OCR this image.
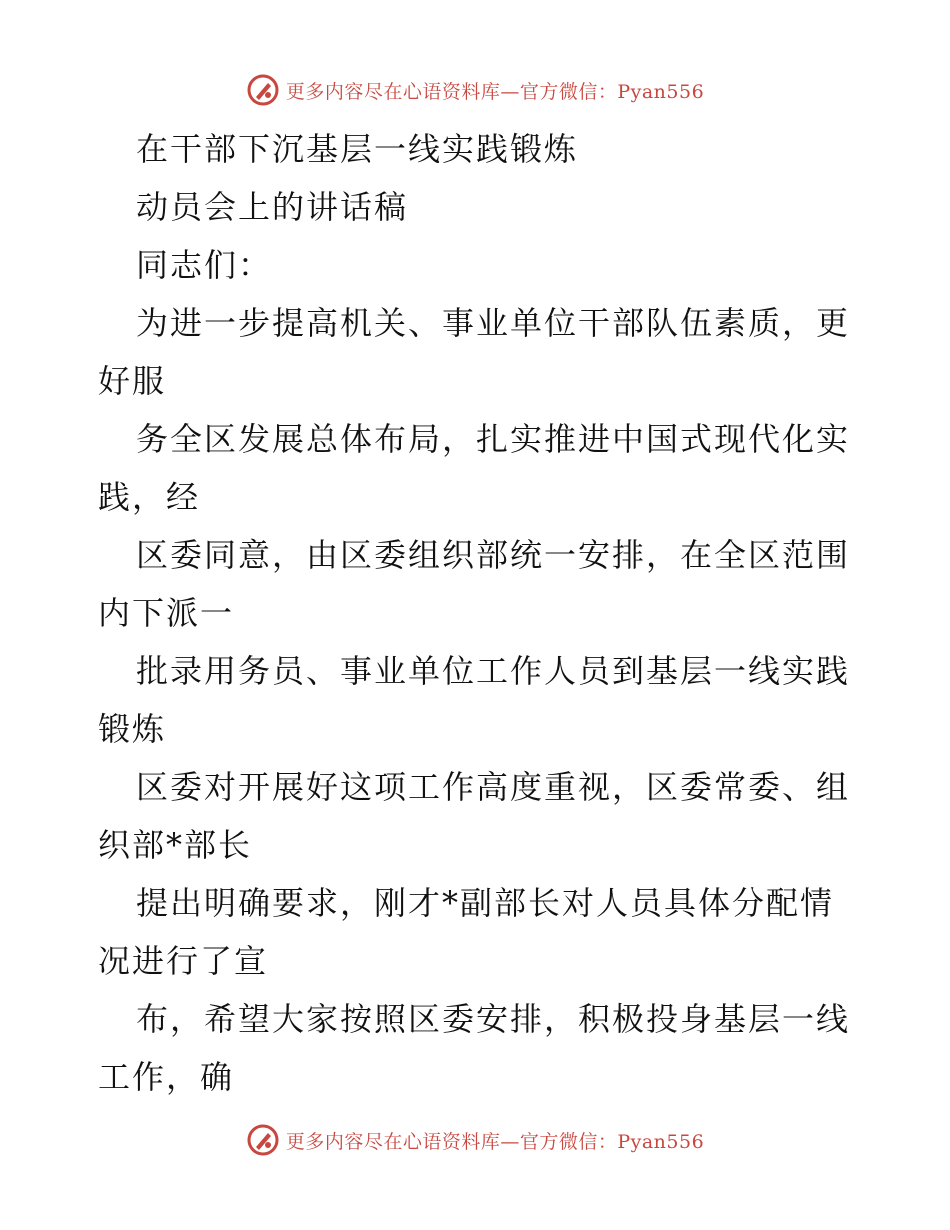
更多内容尽在心语资料库—官方微信：Pyan556
在干部下沉基层一线实践锻炼
动员会上的讲话稿
同志们：
为进一步提高机关、事业单位干部队伍素质，更
好服
务全区发展总体布局，扎实推进中国式现代化实
践，经
区委同意，由区委组织部统一安排，在全区范围
内下派一
批录用务员、事业单位工作人员到基层一线实践
锻炼
区委对开展好这项工作高度重视，区委常委、组
织部*部长
提出明确要求，刚才*副部长对人员具体分配情
况进行了宣
布，希望大家按照区委安排，积极投身基层一线
工作，确
更多内容尽在心语资料库—官方微信：Pyan556
